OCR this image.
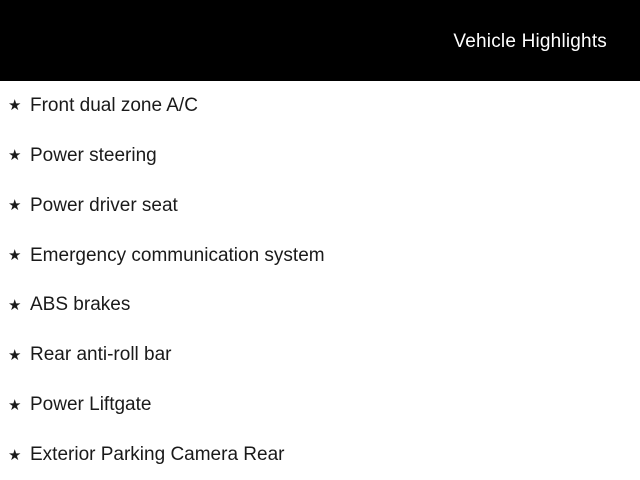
Vehicle Highlights
★ Front dual zone A/C
★ Power steering
★ Power driver seat
★ Emergency communication system
★ ABS brakes
★ Rear anti-roll bar
★ Power Liftgate
★ Exterior Parking Camera Rear
